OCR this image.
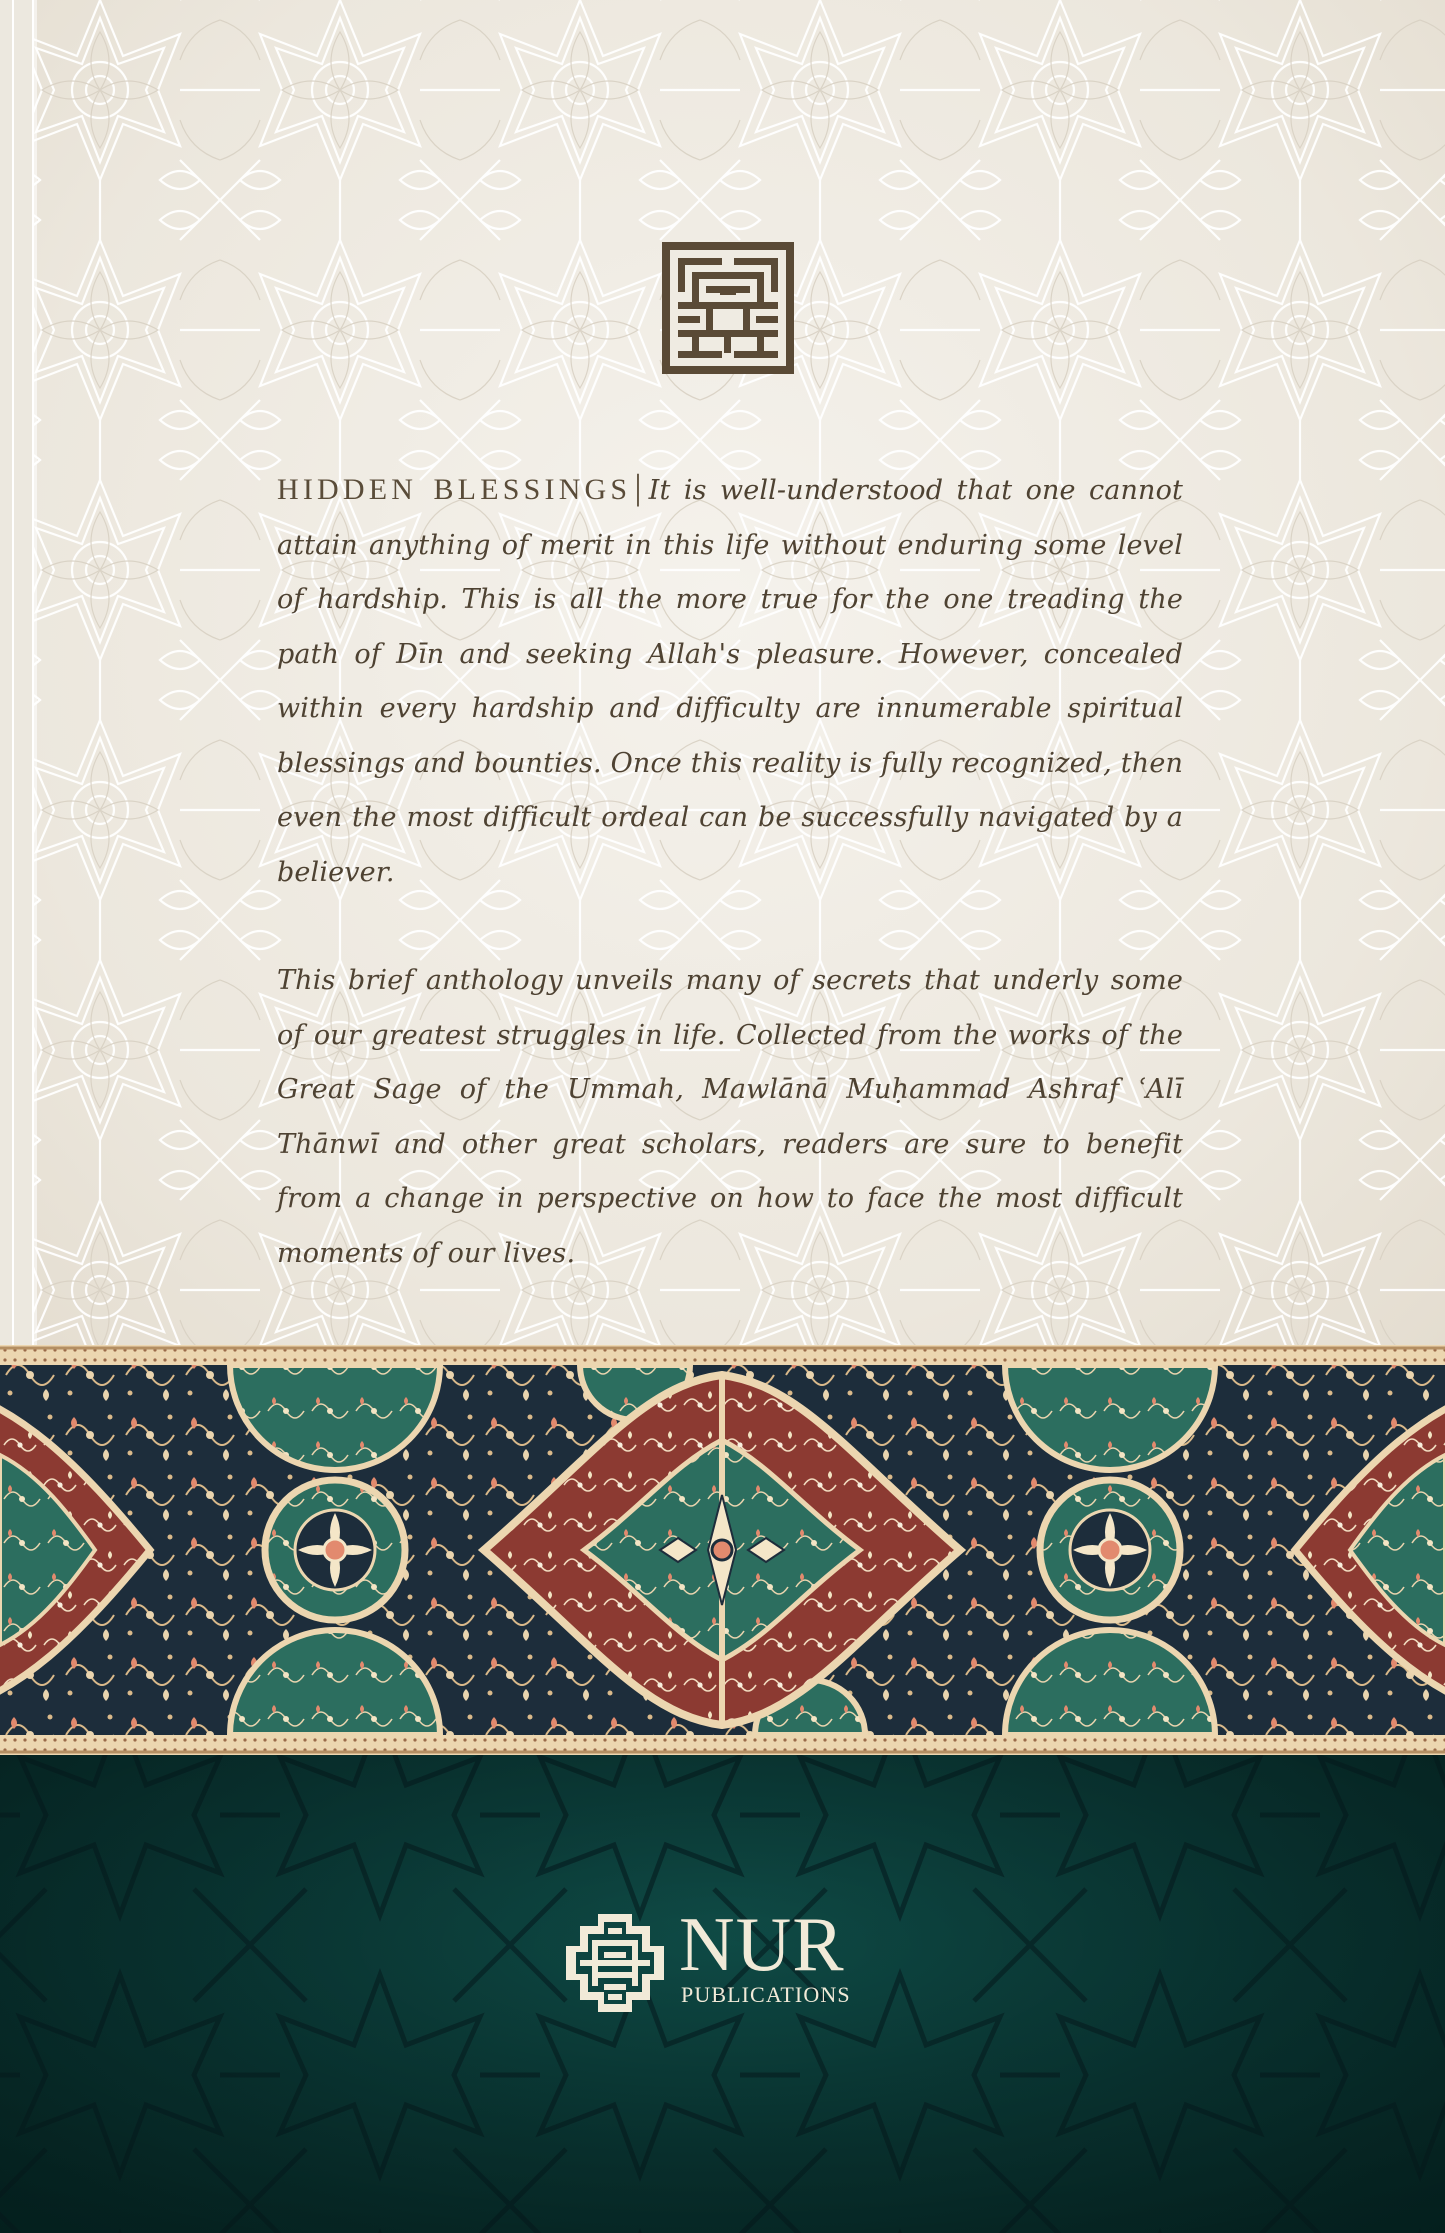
HIDDEN BLESSINGS| It is well-understood that one cannot attain anything of merit in this life without enduring some level of hardship. This is all the more true for the one treading the path of Dīn and seeking Allah's pleasure. However, concealed within every hardship and difficulty are innumerable spiritual blessings and bounties. Once this reality is fully recognized, then even the most difficult ordeal can be successfully navigated by a believer.

This brief anthology unveils many of secrets that underly some of our greatest struggles in life. Collected from the works of the Great Sage of the Ummah, Mawlānā Muḥammad Ashraf ʿAlī Thānwī and other great scholars, readers are sure to benefit from a change in perspective on how to face the most difficult moments of our lives.

NUR
PUBLICATIONS
